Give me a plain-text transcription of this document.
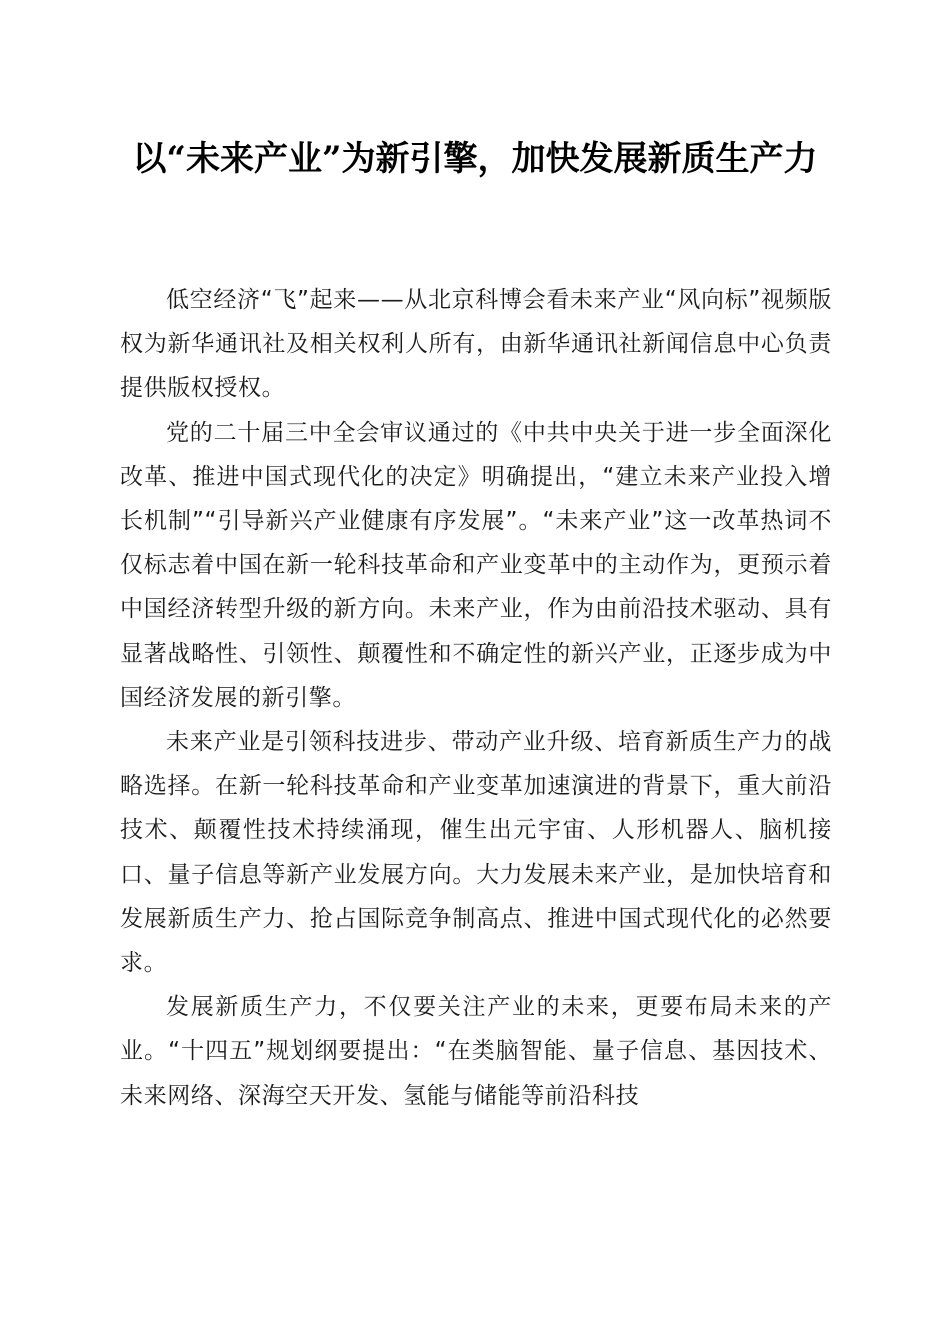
以“未来产业”为新引擎，加快发展新质生产力

低空经济“飞”起来——从北京科博会看未来产业“风向标”视频版权为新华通讯社及相关权利人所有，由新华通讯社新闻信息中心负责提供版权授权。

党的二十届三中全会审议通过的《中共中央关于进一步全面深化改革、推进中国式现代化的决定》明确提出，“建立未来产业投入增长机制”“引导新兴产业健康有序发展”。“未来产业”这一改革热词不仅标志着中国在新一轮科技革命和产业变革中的主动作为，更预示着中国经济转型升级的新方向。未来产业，作为由前沿技术驱动、具有显著战略性、引领性、颠覆性和不确定性的新兴产业，正逐步成为中国经济发展的新引擎。

未来产业是引领科技进步、带动产业升级、培育新质生产力的战略选择。在新一轮科技革命和产业变革加速演进的背景下，重大前沿技术、颠覆性技术持续涌现，催生出元宇宙、人形机器人、脑机接口、量子信息等新产业发展方向。大力发展未来产业，是加快培育和发展新质生产力、抢占国际竞争制高点、推进中国式现代化的必然要求。

发展新质生产力，不仅要关注产业的未来，更要布局未来的产业。“十四五”规划纲要提出：“在类脑智能、量子信息、基因技术、未来网络、深海空天开发、氢能与储能等前沿科技
